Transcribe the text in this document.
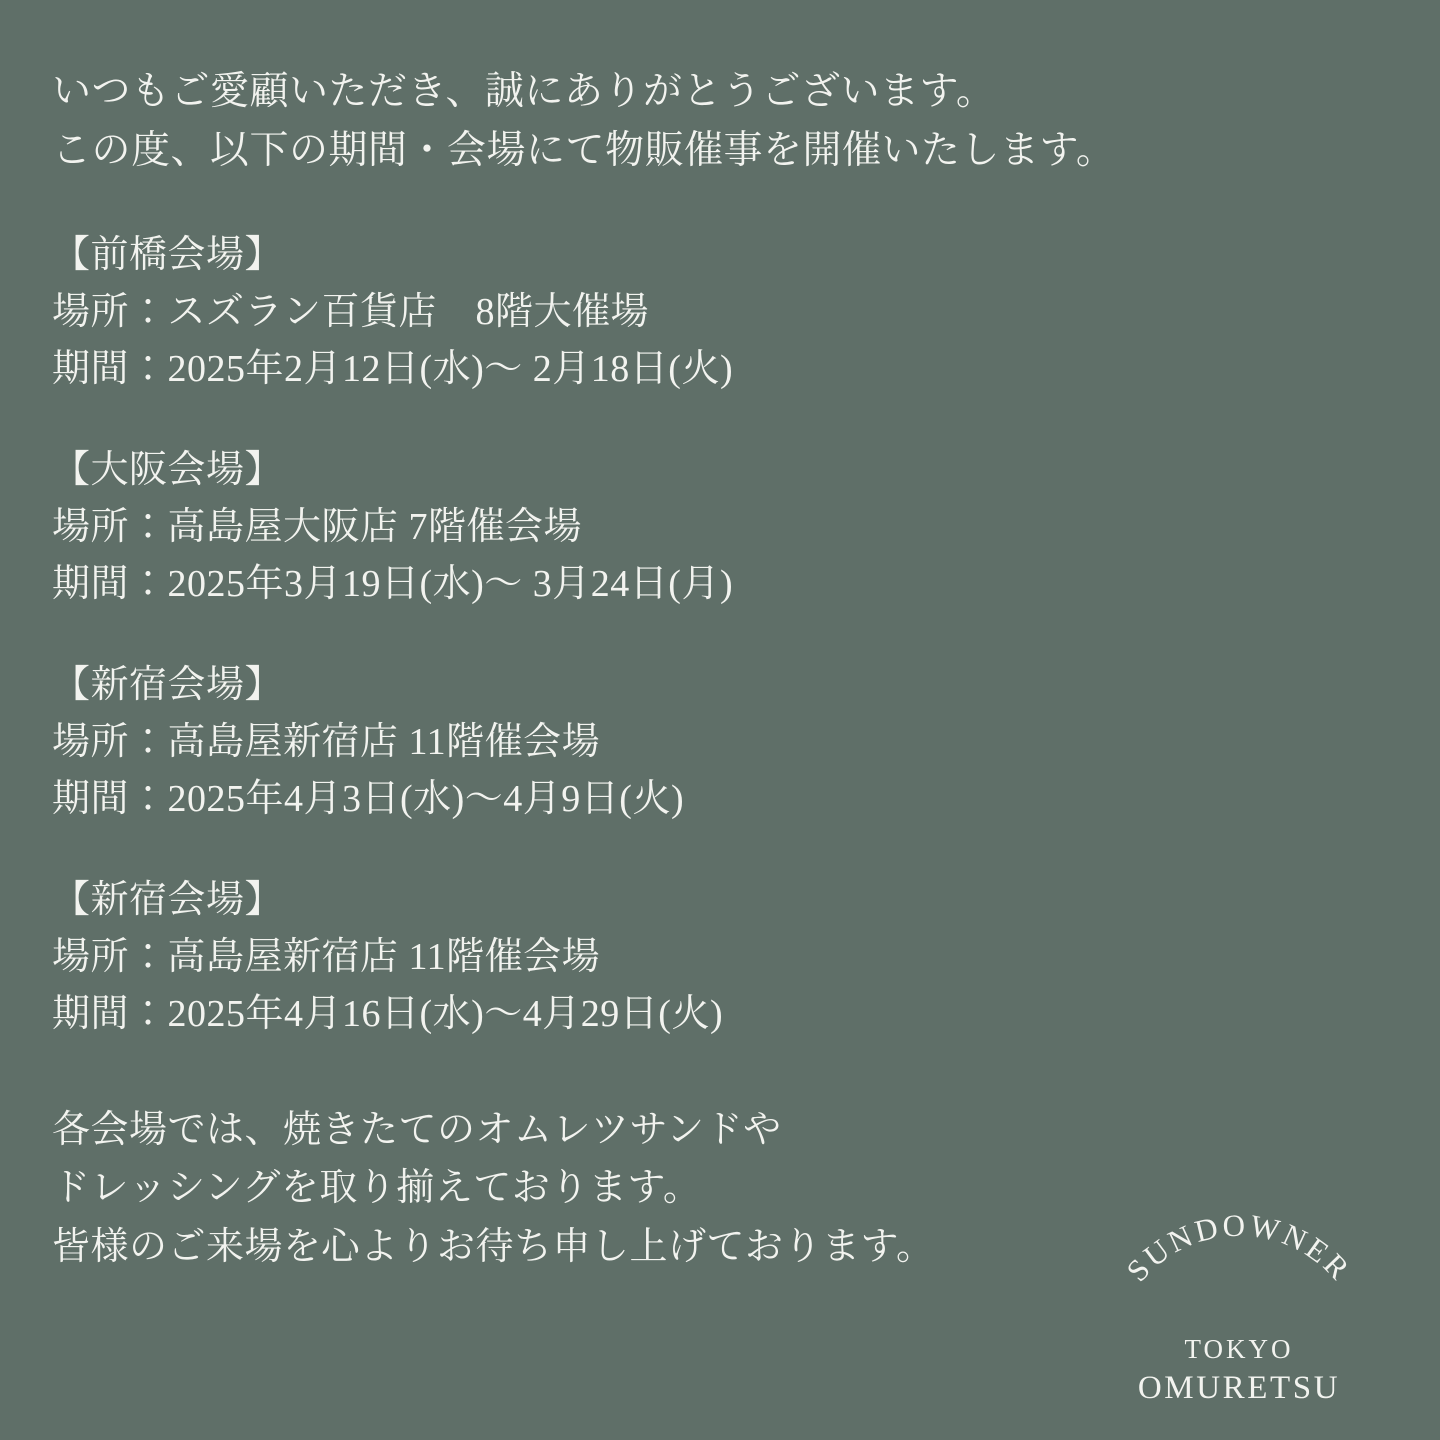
いつもご愛顧いただき、誠にありがとうございます。
この度、以下の期間・会場にて物販催事を開催いたします。
【前橋会場】
場所：スズラン百貨店　8階大催場
期間：2025年2月12日(水)〜 2月18日(火)
【大阪会場】
場所：高島屋大阪店 7階催会場
期間：2025年3月19日(水)〜 3月24日(月)
【新宿会場】
場所：高島屋新宿店 11階催会場
期間：2025年4月3日(水)〜4月9日(火)
【新宿会場】
場所：高島屋新宿店 11階催会場
期間：2025年4月16日(水)〜4月29日(火)
各会場では、焼きたてのオムレツサンドや
ドレッシングを取り揃えております。
皆様のご来場を心よりお待ち申し上げております。
SUNDOWNER
TOKYO
OMURETSU
